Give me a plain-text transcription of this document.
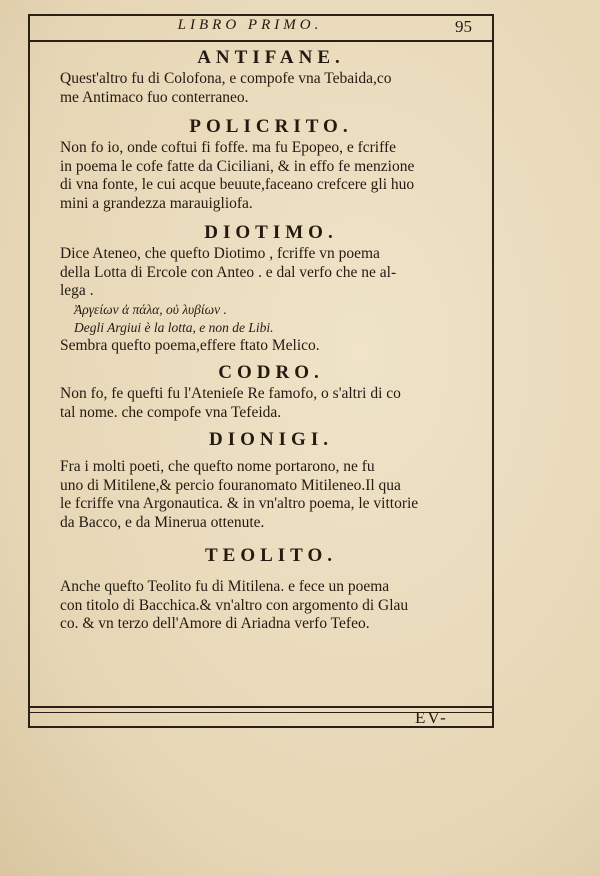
LIBRO PRIMO.	95
ANTIFANE.

Quest'altro fu di Colofona, e compofe vna Tebaida,co

me Antimaco fuo conterraneo.

POLICRITO.

Non fo io, onde coftui fi foffe. ma fu Epopeo, e fcriffe

in poema le cofe fatte da Ciciliani, & in effo fe menzione

di vna fonte, le cui acque beuute,faceano crefcere gli huo

mini a grandezza marauigliofa.

DIOTIMO.

Dice Ateneo, che quefto Diotimo , fcriffe vn poema

della Lotta di Ercole con Anteo . e dal verfo che ne al-

lega .

Ἀργείων ἀ πάλα, οὐ λυβίων .

Degli Argiui è la lotta, e non de Libi.

Sembra quefto poema,effere ftato Melico.

CODRO.

Non fo, fe quefti fu l'Atenieſe Re famofo, o s'altri di co

tal nome. che compofe vna Tefeida.

DIONIGI.

Fra i molti poeti, che quefto nome portarono, ne fu

uno di Mitilene,& percio fouranomato Mitileneo.Il qua

le fcriffe vna Argonautica. & in vn'altro poema, le vittorie

da Bacco, e da Minerua ottenute.

TEOLITO.

Anche quefto Teolito fu di Mitilena. e fece un poema

con titolo di Bacchica.& vn'altro con argomento di Glau

co. & vn terzo dell'Amore di Ariadna verfo Tefeo.

EV-
